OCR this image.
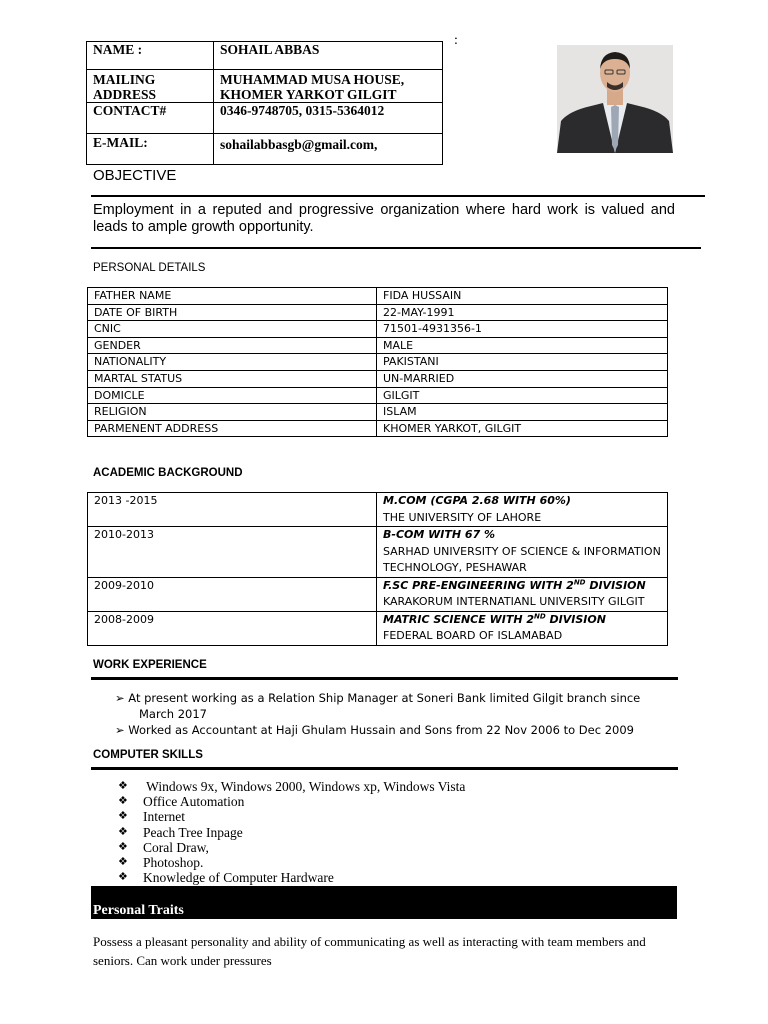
NAME :	SOHAIL ABBAS
MAILING
ADDRESS	MUHAMMAD MUSA HOUSE,
KHOMER YARKOT GILGIT
CONTACT#	0346-9748705, 0315-5364012
E-MAIL:	sohailabbasgb@gmail.com,
:
OBJECTIVE
Employment in a reputed and progressive organization where hard work is valued and leads to ample growth opportunity.
PERSONAL DETAILS
FATHER NAME	FIDA HUSSAIN
DATE OF BIRTH	22-MAY-1991
CNIC	71501-4931356-1
GENDER	MALE
NATIONALITY	PAKISTANI
MARTAL STATUS	UN-MARRIED
DOMICLE	GILGIT
RELIGION	ISLAM
PARMENENT ADDRESS	KHOMER YARKOT, GILGIT
ACADEMIC BACKGROUND
2013 -2015	M.COM (CGPA 2.68 WITH 60%)
THE UNIVERSITY OF LAHORE

2010-2013	B-COM WITH 67 %
SARHAD UNIVERSITY OF SCIENCE & INFORMATION TECHNOLOGY, PESHAWAR

2009-2010	F.SC PRE-ENGINEERING WITH 2ND DIVISION
KARAKORUM INTERNATIANL UNIVERSITY GILGIT

2008-2009	MATRIC SCIENCE WITH 2ND DIVISION
FEDERAL BOARD OF ISLAMABAD
WORK EXPERIENCE
➢ At present working as a Relation Ship Manager at Soneri Bank limited Gilgit branch since
March 2017
➢ Worked as Accountant at Haji Ghulam Hussain and Sons from 22 Nov 2006 to Dec 2009
COMPUTER SKILLS
❖	Windows 9x, Windows 2000, Windows xp, Windows Vista
❖	Office Automation
❖	Internet
❖	Peach Tree Inpage
❖	Coral Draw,
❖	Photoshop.
❖	Knowledge of Computer Hardware
Personal Traits
Possess a pleasant personality and ability of communicating as well as interacting with team members and seniors. Can work under pressures
